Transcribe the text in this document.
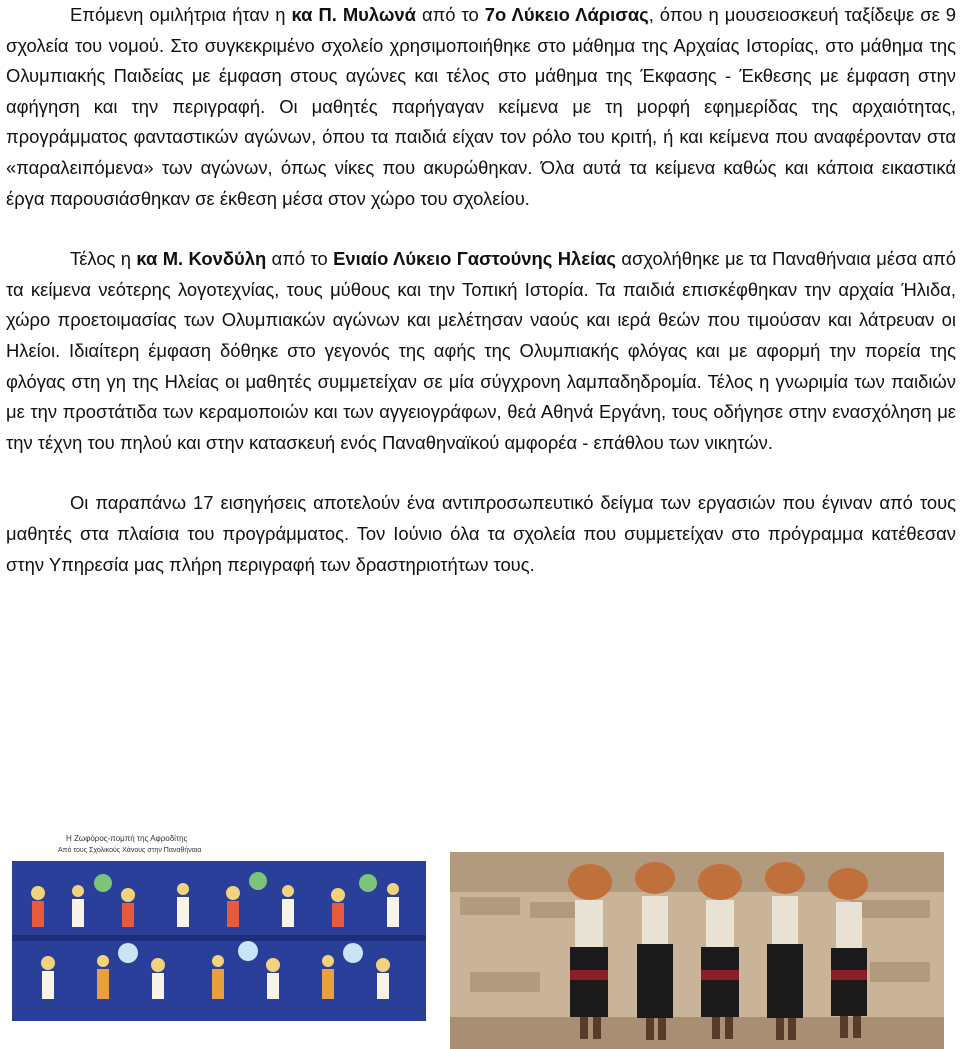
Επόμενη ομιλήτρια ήταν η κα Π. Μυλωνά από το 7ο Λύκειο Λάρισας, όπου η μουσειοσκευή ταξίδεψε σε 9 σχολεία του νομού. Στο συγκεκριμένο σχολείο χρησιμοποιήθηκε στο μάθημα της Αρχαίας Ιστορίας, στο μάθημα της Ολυμπιακής Παιδείας με έμφαση στους αγώνες και τέλος στο μάθημα της Έκφασης - Έκθεσης με έμφαση στην αφήγηση και την περιγραφή. Οι μαθητές παρήγαγαν κείμενα με τη μορφή εφημερίδας της αρχαιότητας, προγράμματος φανταστικών αγώνων, όπου τα παιδιά είχαν τον ρόλο του κριτή, ή και κείμενα που αναφέρονταν στα «παραλειπόμενα» των αγώνων, όπως νίκες που ακυρώθηκαν. Όλα αυτά τα κείμενα καθώς και κάποια εικαστικά έργα παρουσιάσθηκαν σε έκθεση μέσα στον χώρο του σχολείου.

Τέλος η κα Μ. Κονδύλη από το Ενιαίο Λύκειο Γαστούνης Ηλείας ασχολήθηκε με τα Παναθήναια μέσα από τα κείμενα νεότερης λογοτεχνίας, τους μύθους και την Τοπική Ιστορία. Τα παιδιά επισκέφθηκαν την αρχαία Ήλιδα, χώρο προετοιμασίας των Ολυμπιακών αγώνων και μελέτησαν ναούς και ιερά θεών που τιμούσαν και λάτρευαν οι Ηλείοι. Ιδιαίτερη έμφαση δόθηκε στο γεγονός της αφής της Ολυμπιακής φλόγας και με αφορμή την πορεία της φλόγας στη γη της Ηλείας οι μαθητές συμμετείχαν σε μία σύγχρονη λαμπαδηδρομία. Τέλος η γνωριμία των παιδιών με την προστάτιδα των κεραμοποιών και των αγγειογράφων, θεά Αθηνά Εργάνη, τους οδήγησε στην ενασχόληση με την τέχνη του πηλού και στην κατασκευή ενός Παναθηναϊκού αμφορέα - επάθλου των νικητών.

Οι παραπάνω 17 εισηγήσεις αποτελούν ένα αντιπροσωπευτικό δείγμα των εργασιών που έγιναν από τους μαθητές στα πλαίσια του προγράμματος. Τον Ιούνιο όλα τα σχολεία που συμμετείχαν στο πρόγραμμα κατέθεσαν στην Υπηρεσία μας πλήρη περιγραφή των δραστηριοτήτων τους.

Η Ζωφόρος-πομπή της Αφροδίτης
Από τους Σχολικούς Χάνους στην Παναθήναια
